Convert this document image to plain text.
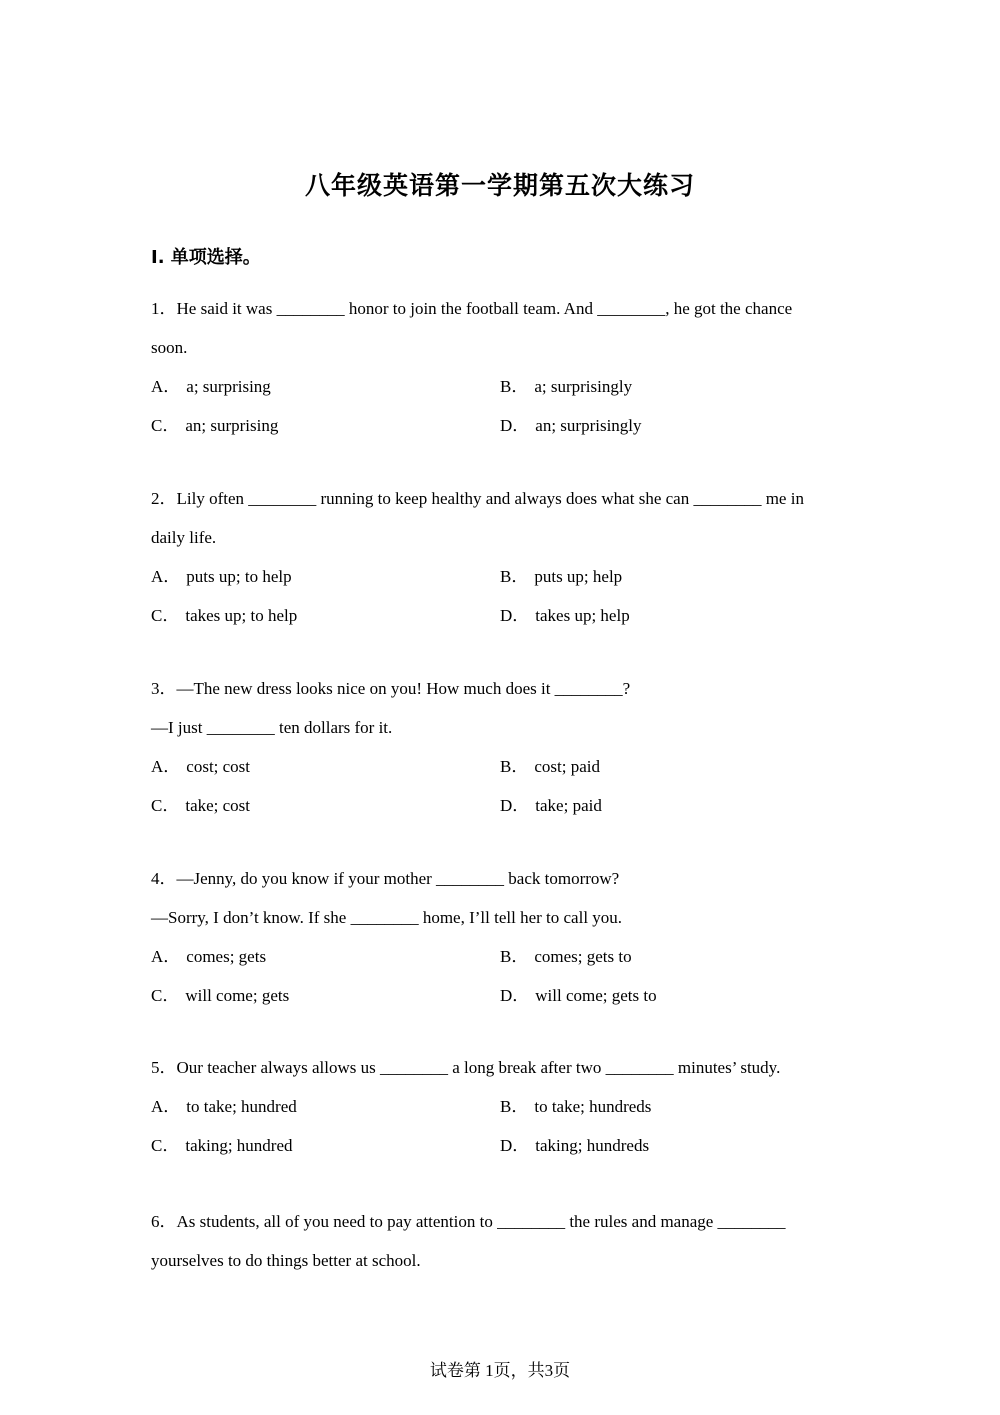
八年级英语第一学期第五次大练习
I. 单项选择。
1．He said it was ________ honor to join the football team. And ________, he got the chance
soon.
A． a; surprising	B． a; surprisingly
C． an; surprising	D． an; surprisingly
2．Lily often ________ running to keep healthy and always does what she can ________ me in
daily life.
A． puts up; to help	B． puts up; help
C． takes up; to help	D． takes up; help
3．—The new dress looks nice on you! How much does it ________?
—I just ________ ten dollars for it.
A． cost; cost	B． cost; paid
C． take; cost	D． take; paid
4．—Jenny, do you know if your mother ________ back tomorrow?
—Sorry, I don’t know. If she ________ home, I’ll tell her to call you.
A． comes; gets	B． comes; gets to
C． will come; gets	D． will come; gets to
5．Our teacher always allows us ________ a long break after two ________ minutes’ study.
A． to take; hundred	B． to take; hundreds
C． taking; hundred	D． taking; hundreds
6．As students, all of you need to pay attention to ________ the rules and manage ________
yourselves to do things better at school.
试卷第 1页，共3页
